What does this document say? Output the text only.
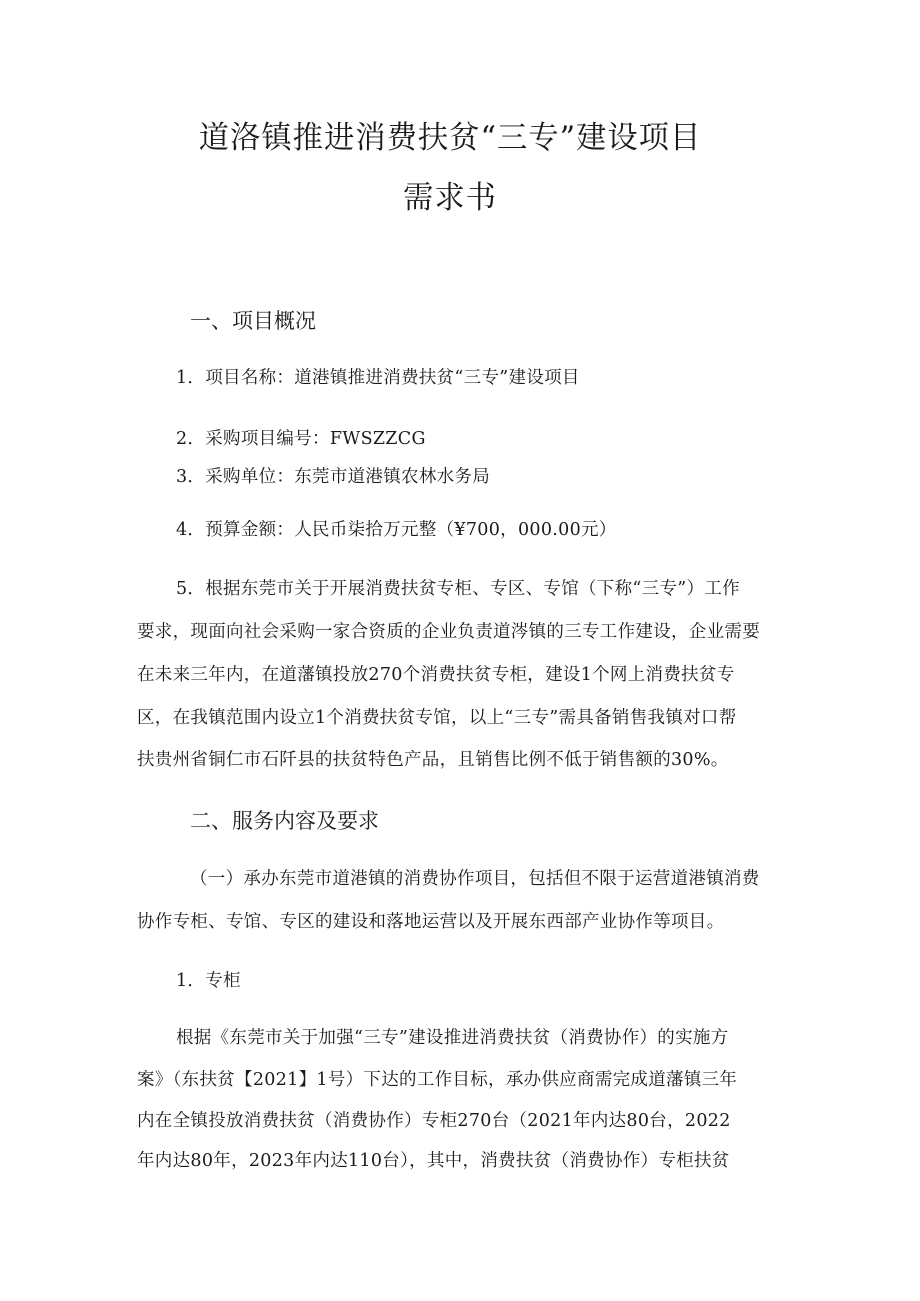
道洛镇推进消费扶贫“三专”建设项目
需求书
一、项目概况
1．项目名称：道港镇推进消费扶贫“三专”建设项目
2．采购项目编号：FWSZZCG
3．采购单位：东莞市道港镇农林水务局
4．预算金额：人民币柒拾万元整（¥700，000.00元）
5．根据东莞市关于开展消费扶贫专柜、专区、专馆（下称“三专”）工作
要求，现面向社会采购一家合资质的企业负责道涔镇的三专工作建设，企业需要
在未来三年内，在道藩镇投放270个消费扶贫专柜，建设1个网上消费扶贫专
区，在我镇范围内设立1个消费扶贫专馆，以上“三专”需具备销售我镇对口帮
扶贵州省铜仁市石阡县的扶贫特色产品，且销售比例不低于销售额的30%。
二、服务内容及要求
（一）承办东莞市道港镇的消费协作项目，包括但不限于运营道港镇消费
协作专柜、专馆、专区的建设和落地运营以及开展东西部产业协作等项目。
1．专柜
根据《东莞市关于加强“三专”建设推进消费扶贫（消费协作）的实施方
案》（东扶贫【2021】1号）下达的工作目标，承办供应商需完成道藩镇三年
内在全镇投放消费扶贫（消费协作）专柜270台（2021年内达80台，2022
年内达80年，2023年内达110台），其中，消费扶贫（消费协作）专柜扶贫
